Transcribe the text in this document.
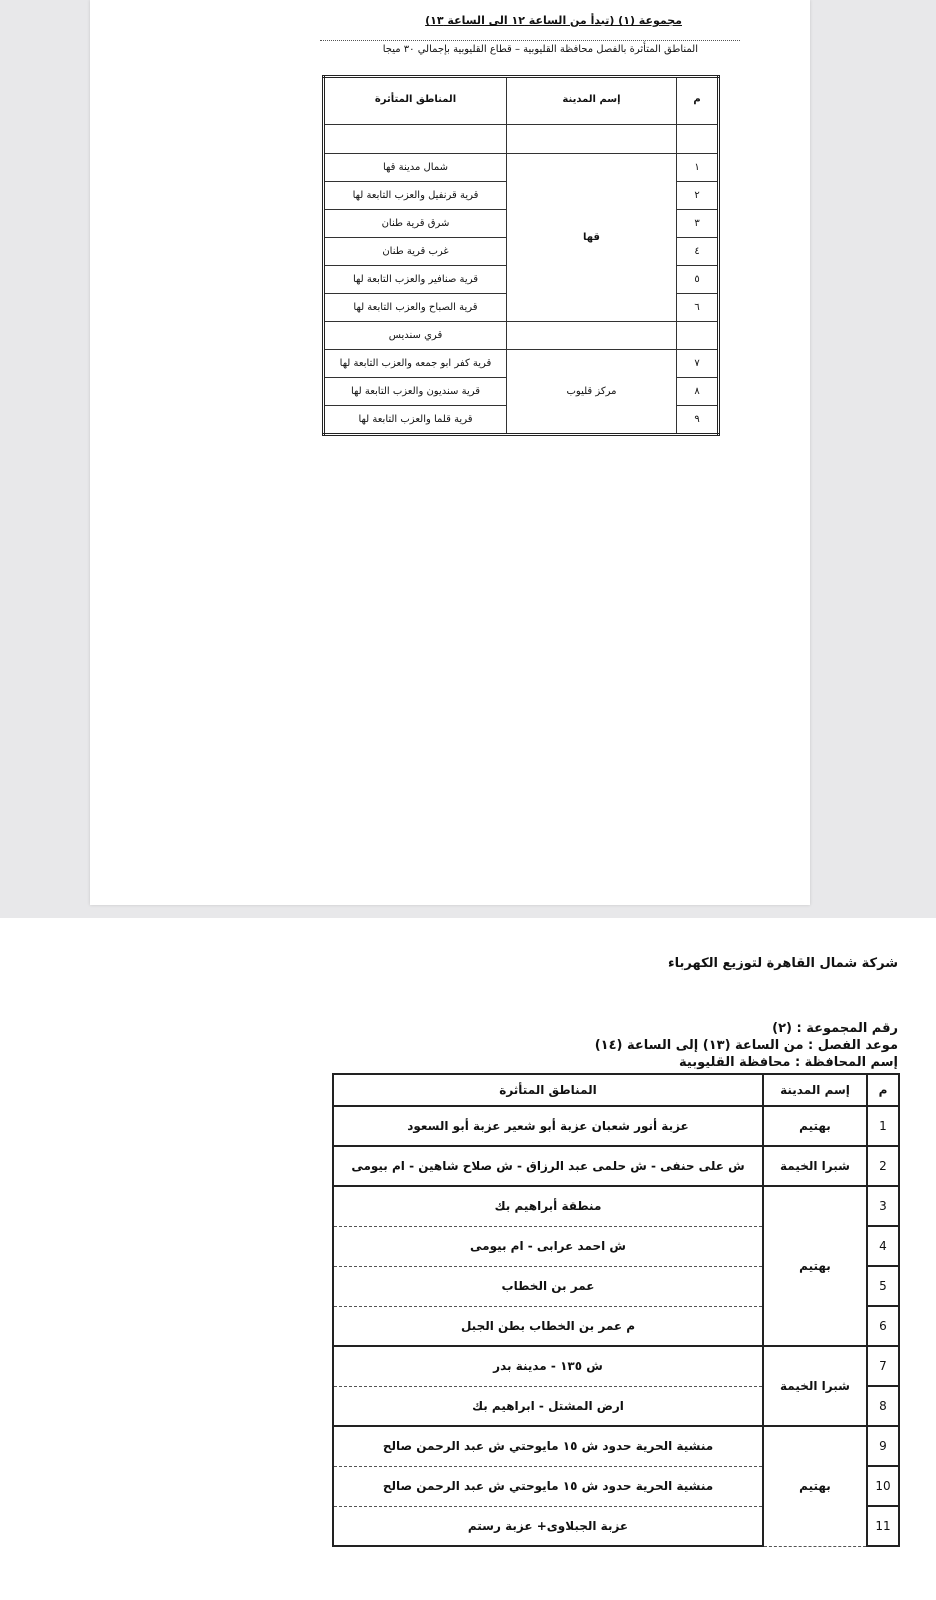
مجموعة (١) (تبدأ من الساعة ١٢ الى الساعة ١٣)
المناطق المتأثرة بالفصل محافظة القليوبية – قطاع القليوبية بإجمالي ٣٠ ميجا
م	إسم المدينة	المناطق المتأثرة

١	قها	شمال مدينة قها
٢		قرية قرنفيل والعزب التابعة لها
٣		شرق قرية طنان
٤		غرب قرية طنان
٥		قرية صنافير والعزب التابعة لها
٦		قرية الصباح والعزب التابعة لها
		قري سنديس
٧	مركز قليوب	قرية كفر ابو جمعه والعزب التابعة لها
٨		قرية سنديون والعزب التابعة لها
٩		قرية قلما والعزب التابعة لها
شركة شمال القاهرة لتوزيع الكهرباء
رقم المجموعة : (٢)
موعد الفصل : من الساعة (١٣) إلى الساعة (١٤)
إسم المحافظة : محافظة القليوبية
م	إسم المدينة	المناطق المتأثرة
1	بهتيم	عزبة أنور شعبان عزبة أبو شعير عزبة أبو السعود
2	شبرا الخيمة	ش على حنفى - ش حلمى عبد الرزاق - ش صلاح شاهين - ام بيومى
3	بهتيم	منطقة أبراهيم بك
4		ش احمد عرابى - ام بيومى
5		عمر بن الخطاب
6		م عمر بن الخطاب بطن الجبل
7	شبرا الخيمة	ش ١٣٥ - مدينة بدر
8		ارض المشتل - ابراهيم بك
9	بهتيم	منشية الحرية حدود ش ١٥ مايوحتي ش عبد الرحمن صالح
10		منشية الحرية حدود ش ١٥ مايوحتي ش عبد الرحمن صالح
11		عزبة الجبلاوى+ عزبة رستم
